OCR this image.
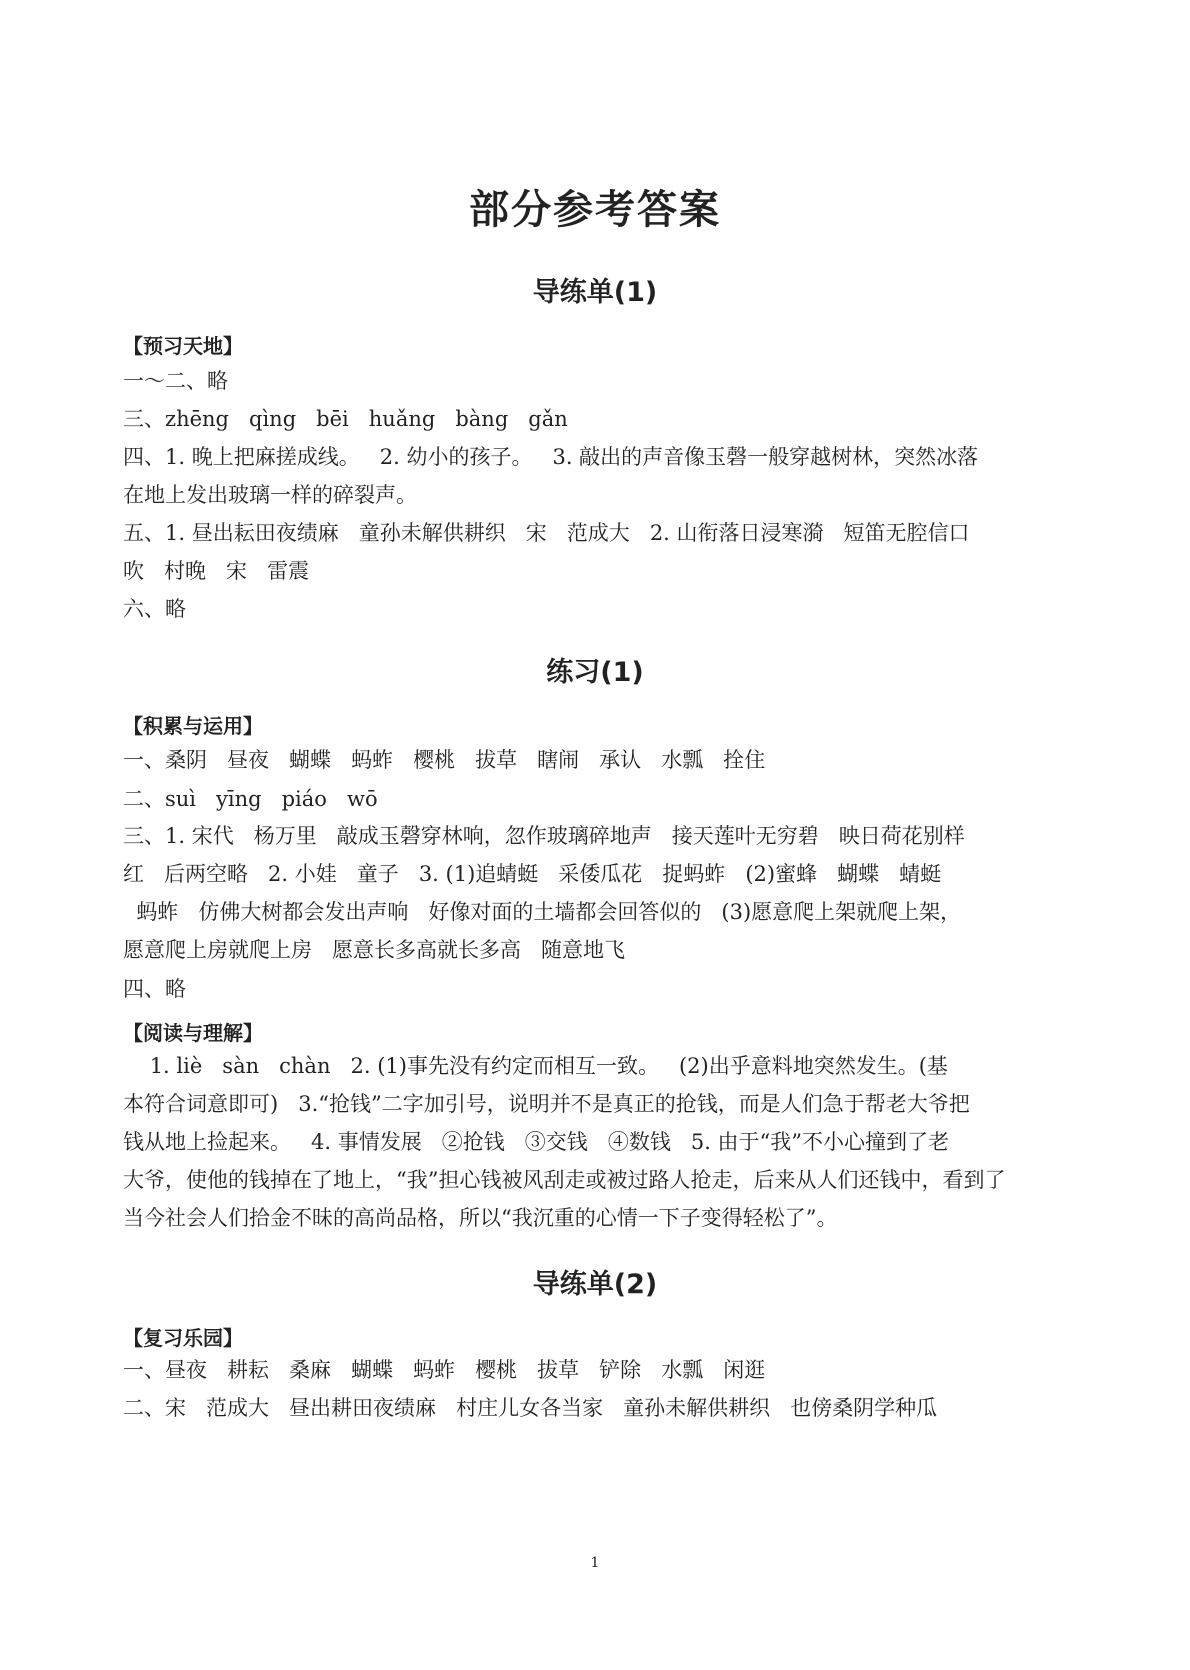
部分参考答案
导练单(1)
【预习天地】
一～二、略
三、zhēng   qìng   bēi   huǎng   bàng   gǎn
四、1. 晚上把麻搓成线。   2. 幼小的孩子。   3. 敲出的声音像玉磬一般穿越树林，突然冰落
在地上发出玻璃一样的碎裂声。
五、1. 昼出耘田夜绩麻   童孙未解供耕织   宋   范成大   2. 山衔落日浸寒漪   短笛无腔信口
吹   村晚   宋   雷震
六、略
练习(1)
【积累与运用】
一、桑阴   昼夜   蝴蝶   蚂蚱   樱桃   拔草   瞎闹   承认   水瓢   拴住
二、suì   yīng   piáo   wō
三、1. 宋代   杨万里   敲成玉磬穿林响，忽作玻璃碎地声   接天莲叶无穷碧   映日荷花别样
红   后两空略   2. 小娃   童子   3. (1)追蜻蜓   采倭瓜花   捉蚂蚱   (2)蜜蜂   蝴蝶   蜻蜓
蚂蚱   仿佛大树都会发出声响   好像对面的土墙都会回答似的   (3)愿意爬上架就爬上架，
愿意爬上房就爬上房   愿意长多高就长多高   随意地飞
四、略
【阅读与理解】
1. liè   sàn   chàn   2. (1)事先没有约定而相互一致。   (2)出乎意料地突然发生。(基
本符合词意即可)   3.“抢钱”二字加引号，说明并不是真正的抢钱，而是人们急于帮老大爷把
钱从地上捡起来。   4. 事情发展   ②抢钱   ③交钱   ④数钱   5. 由于“我”不小心撞到了老
大爷，使他的钱掉在了地上，“我”担心钱被风刮走或被过路人抢走，后来从人们还钱中，看到了
当今社会人们拾金不昧的高尚品格，所以“我沉重的心情一下子变得轻松了”。
导练单(2)
【复习乐园】
一、昼夜   耕耘   桑麻   蝴蝶   蚂蚱   樱桃   拔草   铲除   水瓢   闲逛
二、宋   范成大   昼出耕田夜绩麻   村庄儿女各当家   童孙未解供耕织   也傍桑阴学种瓜
1
